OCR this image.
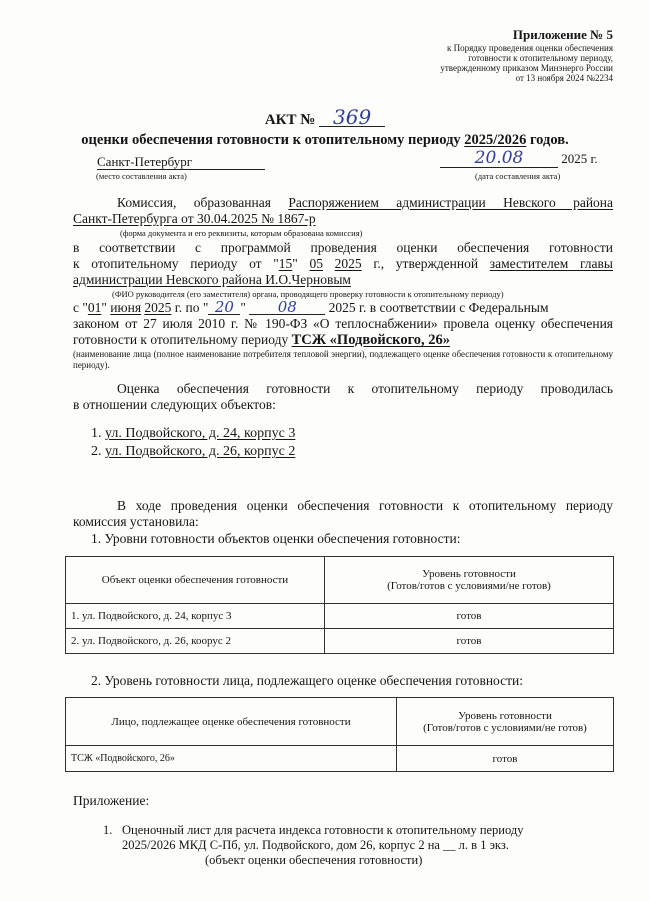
Приложение № 5
к Порядку проведения оценки обеспечения
готовности к отопительному периоду,
утвержденному приказом Минэнерго России
от 13 ноября 2024 №2234
АКТ № 369
оценки обеспечения готовности к отопительному периоду 2025/2026 годов.
Санкт-Петербург
(место составления акта)
20.08	2025 г.
(дата составления акта)
Комиссия, образованная Распоряжением администрации Невского района
Санкт-Петербурга от 30.04.2025 № 1867-р
(форма документа и его реквизиты, которым образована комиссия)
в соответствии с программой проведения оценки обеспечения готовности
к отопительному периоду от "15" 05 2025 г., утвержденной заместителем главы
администрации Невского района И.О.Черновым
(ФИО руководителя (его заместителя) органа, проводящего проверку готовности к отопительному периоду)
с "01" июня 2025 г. по " 20 " 08 2025 г. в соответствии с Федеральным
законом от 27 июля 2010 г. № 190-ФЗ «О теплоснабжении» провела оценку обеспечения
готовности к отопительному периоду ТСЖ «Подвойского, 26»
(наименование лица (полное наименование потребителя тепловой энергии), подлежащего оценке обеспечения готовности к отопительному периоду).
Оценка обеспечения готовности к отопительному периоду проводилась
в отношении следующих объектов:
1. ул. Подвойского, д. 24, корпус 3
2. ул. Подвойского, д. 26, корпус 2
В ходе проведения оценки обеспечения готовности к отопительному периоду
комиссия установила:
1. Уровни готовности объектов оценки обеспечения готовности:
Объект оценки обеспечения готовности	Уровень готовности
(Готов/готов с условиями/не готов)

1. ул. Подвойского, д. 24, корпус 3	готов
2. ул. Подвойского, д. 26, коорус 2	готов
2. Уровень готовности лица, подлежащего оценке обеспечения готовности:
Лицо, подлежащее оценке обеспечения готовности	Уровень готовности
(Готов/готов с условиями/не готов)

ТСЖ «Подвойского, 26»	готов
Приложение:
1. Оценочный лист для расчета индекса готовности к отопительному периоду
2025/2026 МКД С-Пб, ул. Подвойского, дом 26, корпус 2 на __ л. в 1 экз.
(объект оценки обеспечения готовности)
